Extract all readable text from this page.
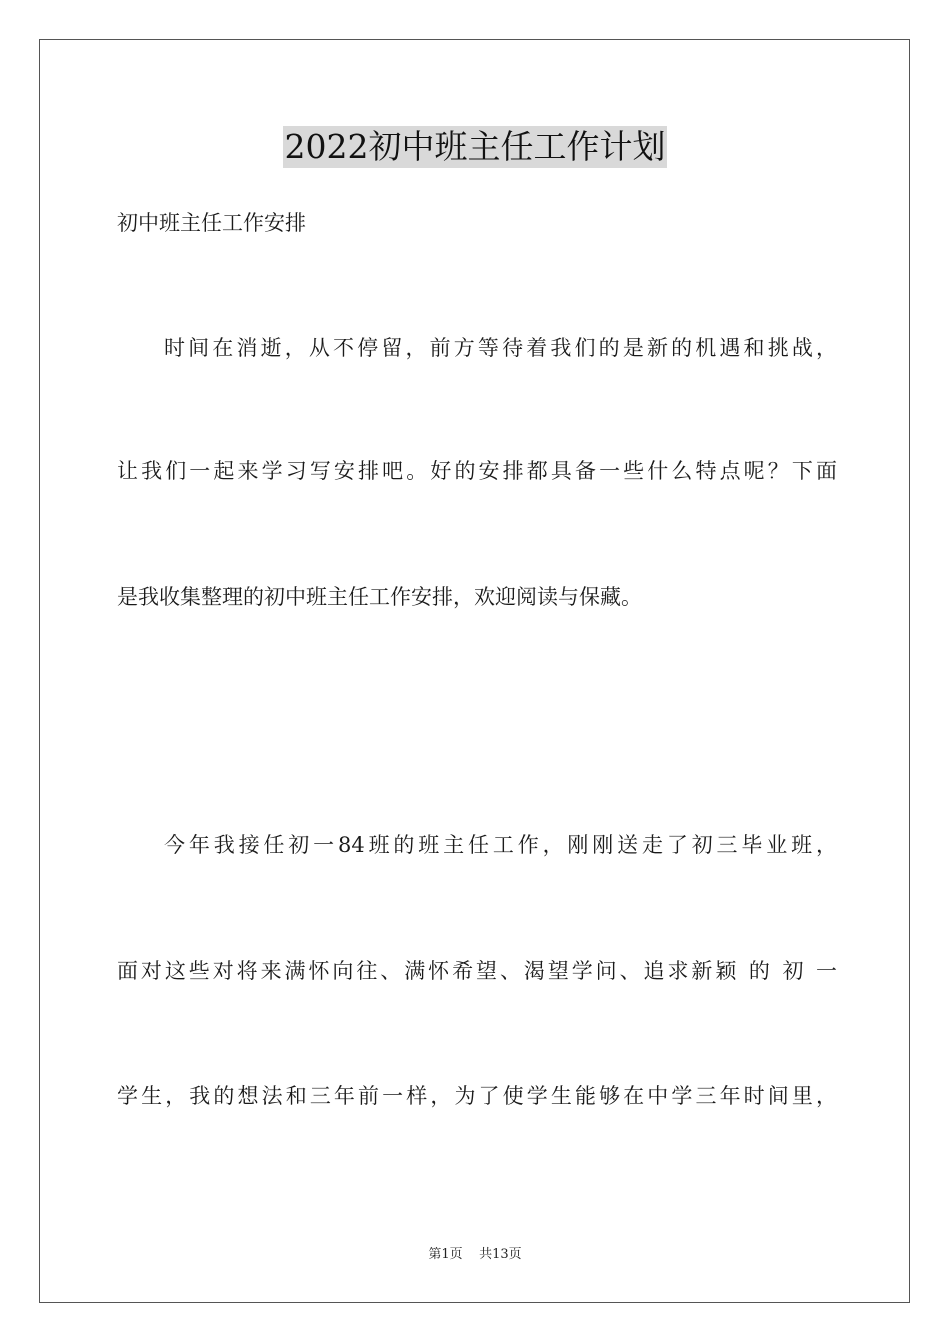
2022初中班主任工作计划
初中班主任工作安排
时间在消逝，从不停留，前方等待着我们的是新的机遇和挑战，
让我们一起来学习写安排吧。好的安排都具备一些什么特点呢？下面
是我收集整理的初中班主任工作安排，欢迎阅读与保藏。
今年我接任初一84班的班主任工作，刚刚送走了初三毕业班，
面对这些对将来满怀向往、满怀希望、渴望学问、追求新颖 的 初 一
学生，我的想法和三年前一样，为了使学生能够在中学三年时间里，
第1页 共13页
